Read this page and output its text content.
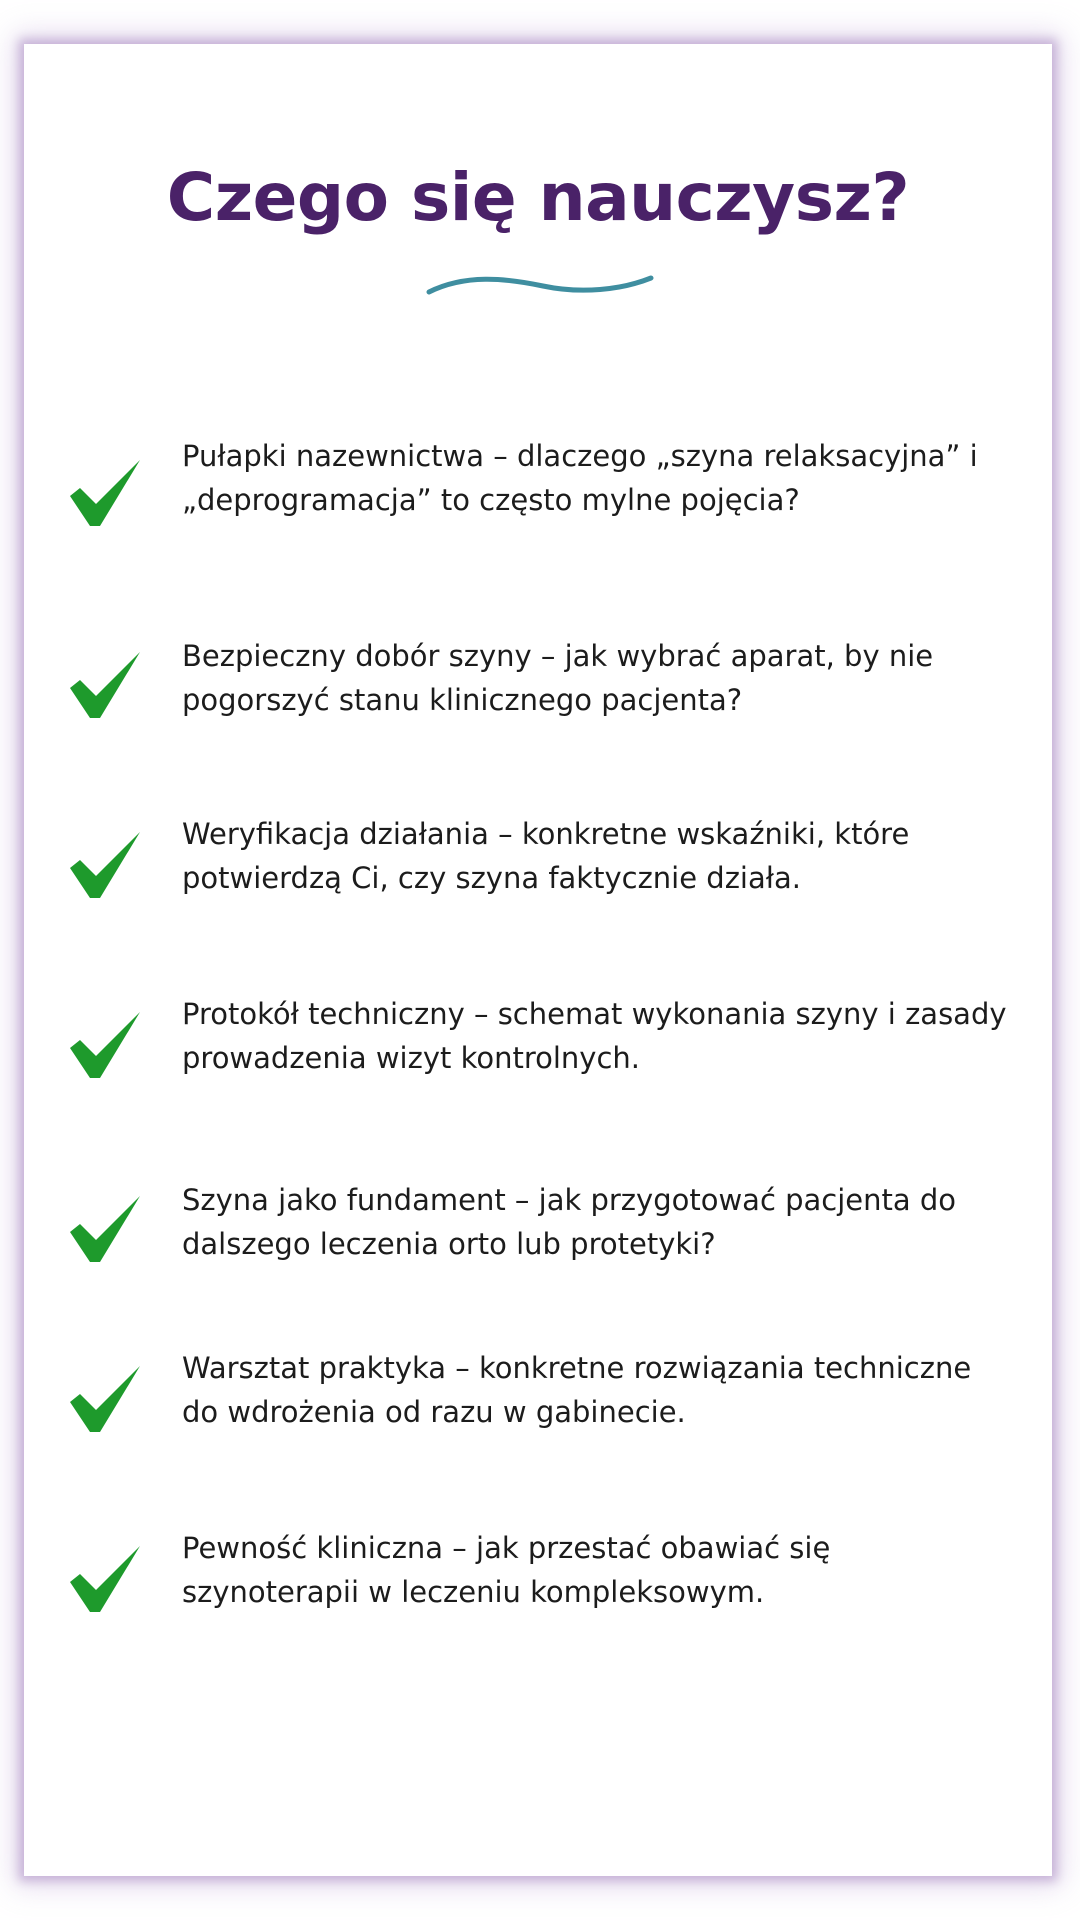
Czego się nauczysz?
Pułapki nazewnictwa – dlaczego „szyna relaksacyjna” i „deprogramacja” to często mylne pojęcia?
Bezpieczny dobór szyny – jak wybrać aparat, by nie pogorszyć stanu klinicznego pacjenta?
Weryfikacja działania – konkretne wskaźniki, które potwierdzą Ci, czy szyna faktycznie działa.
Protokół techniczny – schemat wykonania szyny i zasady prowadzenia wizyt kontrolnych.
Szyna jako fundament – jak przygotować pacjenta do dalszego leczenia orto lub protetyki?
Warsztat praktyka – konkretne rozwiązania techniczne do wdrożenia od razu w gabinecie.
Pewność kliniczna – jak przestać obawiać się szynoterapii w leczeniu kompleksowym.
